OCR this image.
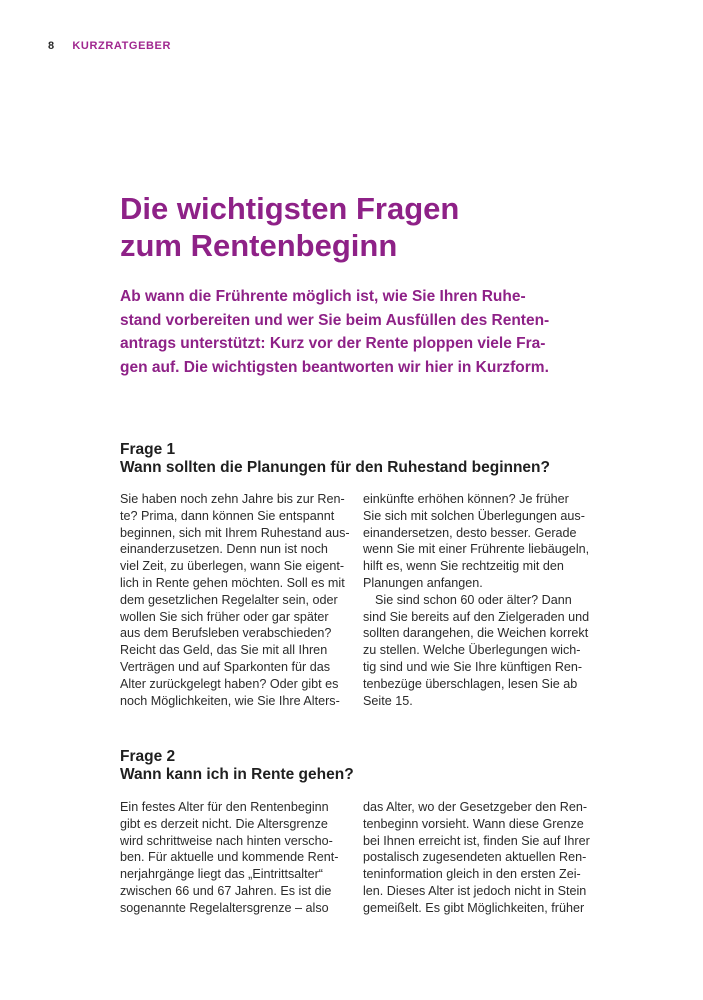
8 KURZRATGEBER
Die wichtigsten Fragen
zum Rentenbeginn
Ab wann die Frührente möglich ist, wie Sie Ihren Ruhe-
stand vorbereiten und wer Sie beim Ausfüllen des Renten-
antrags unterstützt: Kurz vor der Rente ploppen viele Fra-
gen auf. Die wichtigsten beantworten wir hier in Kurzform.
Frage 1
Wann sollten die Planungen für den Ruhestand beginnen?
Sie haben noch zehn Jahre bis zur Ren-
te? Prima, dann können Sie entspannt
beginnen, sich mit Ihrem Ruhestand aus-
einanderzusetzen. Denn nun ist noch
viel Zeit, zu überlegen, wann Sie eigent-
lich in Rente gehen möchten. Soll es mit
dem gesetzlichen Regelalter sein, oder
wollen Sie sich früher oder gar später
aus dem Berufsleben verabschieden?
Reicht das Geld, das Sie mit all Ihren
Verträgen und auf Sparkonten für das
Alter zurückgelegt haben? Oder gibt es
noch Möglichkeiten, wie Sie Ihre Alters-
einkünfte erhöhen können? Je früher
Sie sich mit solchen Überlegungen aus-
einandersetzen, desto besser. Gerade
wenn Sie mit einer Frührente liebäugeln,
hilft es, wenn Sie rechtzeitig mit den
Planungen anfangen.
Sie sind schon 60 oder älter? Dann
sind Sie bereits auf den Zielgeraden und
sollten darangehen, die Weichen korrekt
zu stellen. Welche Überlegungen wich-
tig sind und wie Sie Ihre künftigen Ren-
tenbezüge überschlagen, lesen Sie ab
Seite 15.
Frage 2
Wann kann ich in Rente gehen?
Ein festes Alter für den Rentenbeginn
gibt es derzeit nicht. Die Altersgrenze
wird schrittweise nach hinten verscho-
ben. Für aktuelle und kommende Rent-
nerjahrgänge liegt das „Eintrittsalter“
zwischen 66 und 67 Jahren. Es ist die
sogenannte Regelaltersgrenze – also
das Alter, wo der Gesetzgeber den Ren-
tenbeginn vorsieht. Wann diese Grenze
bei Ihnen erreicht ist, finden Sie auf Ihrer
postalisch zugesendeten aktuellen Ren-
teninformation gleich in den ersten Zei-
len. Dieses Alter ist jedoch nicht in Stein
gemeißelt. Es gibt Möglichkeiten, früher
